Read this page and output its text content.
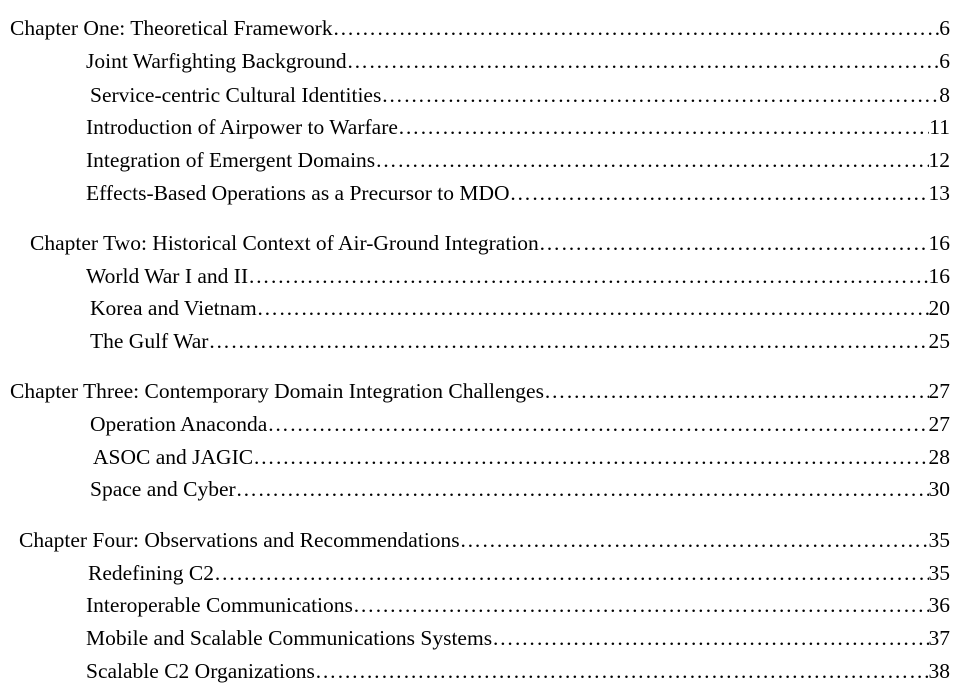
Chapter One: Theoretical Framework ………………………………………………………………………………………………………………………………………………………………………………………………	6
Joint Warfighting Background ………………………………………………………………………………………………………………………………………………………………………………………………	6
Service-centric Cultural Identities ………………………………………………………………………………………………………………………………………………………………………………………………	8
Introduction of Airpower to Warfare ………………………………………………………………………………………………………………………………………………………………………………………………	11
Integration of Emergent Domains ………………………………………………………………………………………………………………………………………………………………………………………………	12
Effects-Based Operations as a Precursor to MDO ………………………………………………………………………………………………………………………………………………………………………………………………	13
Chapter Two: Historical Context of Air-Ground Integration ………………………………………………………………………………………………………………………………………………………………………………………………	16
World War I and II ………………………………………………………………………………………………………………………………………………………………………………………………	16
Korea and Vietnam ………………………………………………………………………………………………………………………………………………………………………………………………	20
The Gulf War ………………………………………………………………………………………………………………………………………………………………………………………………	25
Chapter Three: Contemporary Domain Integration Challenges ………………………………………………………………………………………………………………………………………………………………………………………………	27
Operation Anaconda ………………………………………………………………………………………………………………………………………………………………………………………………	27
ASOC and JAGIC ………………………………………………………………………………………………………………………………………………………………………………………………	28
Space and Cyber ………………………………………………………………………………………………………………………………………………………………………………………………	30
Chapter Four: Observations and Recommendations ………………………………………………………………………………………………………………………………………………………………………………………………	35
Redefining C2 ………………………………………………………………………………………………………………………………………………………………………………………………	35
Interoperable Communications ………………………………………………………………………………………………………………………………………………………………………………………………	36
Mobile and Scalable Communications Systems ………………………………………………………………………………………………………………………………………………………………………………………………	37
Scalable C2 Organizations ………………………………………………………………………………………………………………………………………………………………………………………………	38
